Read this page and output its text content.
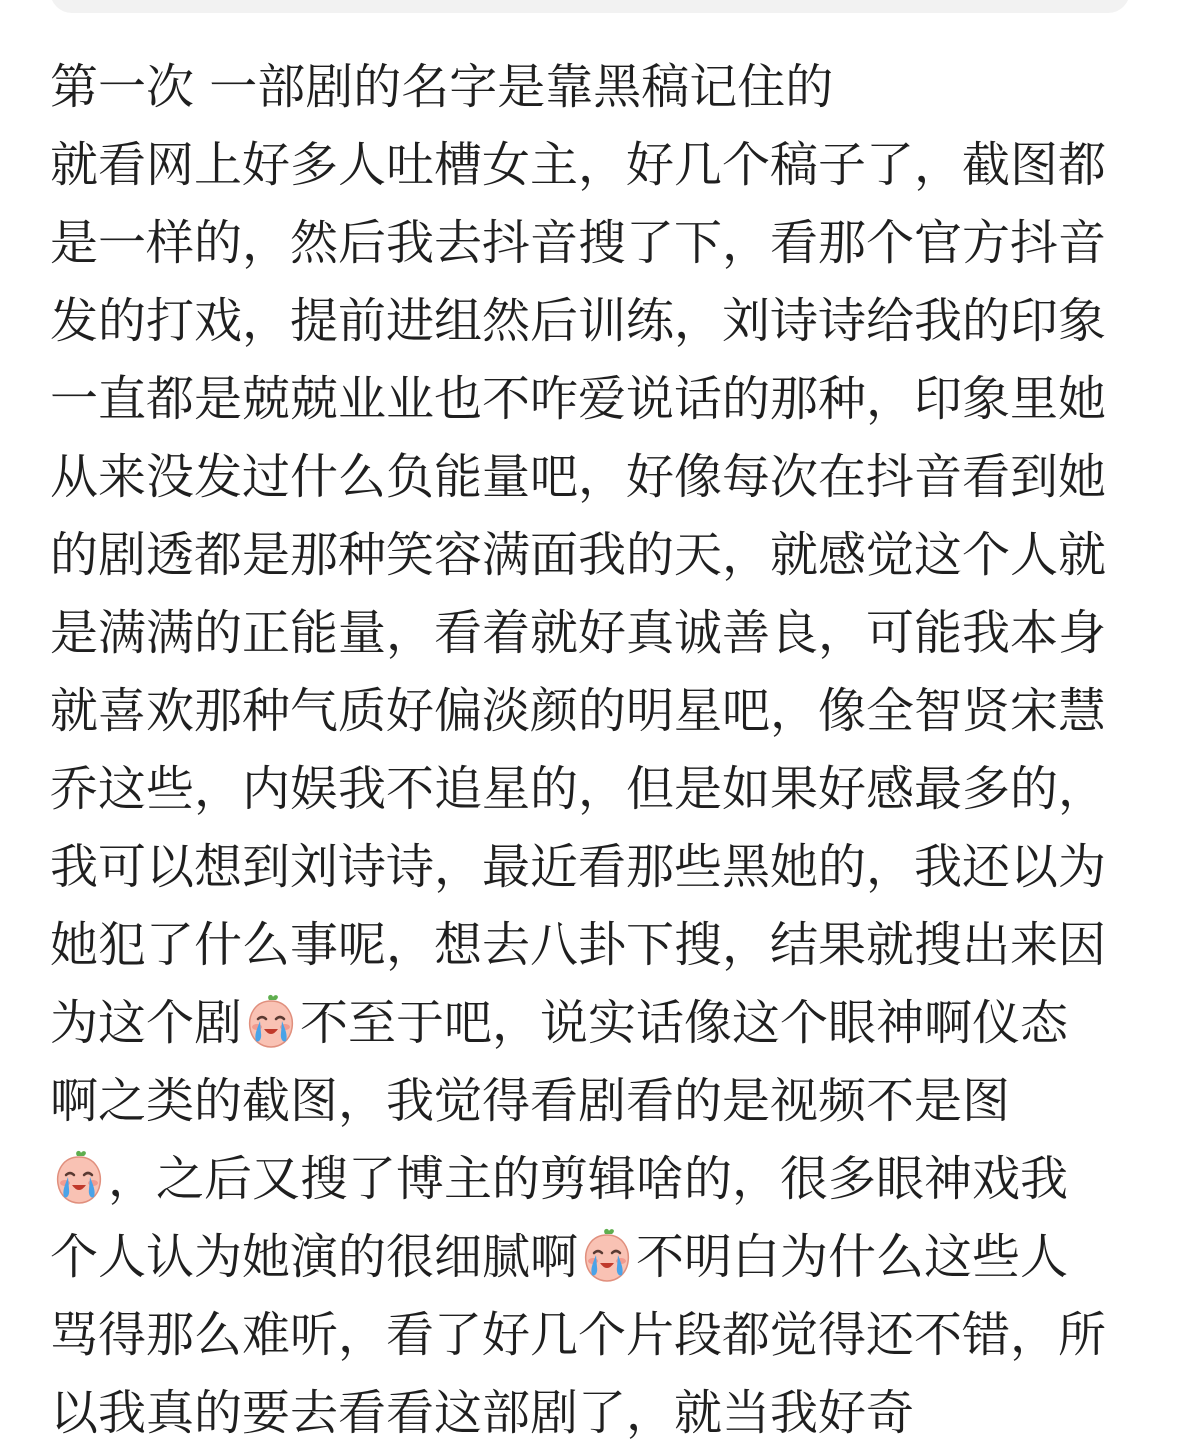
第一次 一部剧的名字是靠黑稿记住的
就看网上好多人吐槽女主，好几个稿子了，截图都
是一样的，然后我去抖音搜了下，看那个官方抖音
发的打戏，提前进组然后训练，刘诗诗给我的印象
一直都是兢兢业业也不咋爱说话的那种，印象里她
从来没发过什么负能量吧，好像每次在抖音看到她
的剧透都是那种笑容满面我的天，就感觉这个人就
是满满的正能量，看着就好真诚善良，可能我本身
就喜欢那种气质好偏淡颜的明星吧，像全智贤宋慧
乔这些，内娱我不追星的，但是如果好感最多的，
我可以想到刘诗诗，最近看那些黑她的，我还以为
她犯了什么事呢，想去八卦下搜，结果就搜出来因
为这个剧 不至于吧，说实话像这个眼神啊仪态
啊之类的截图，我觉得看剧看的是视频不是图
，之后又搜了博主的剪辑啥的，很多眼神戏我
个人认为她演的很细腻啊 不明白为什么这些人
骂得那么难听，看了好几个片段都觉得还不错，所
以我真的要去看看这部剧了，就当我好奇
